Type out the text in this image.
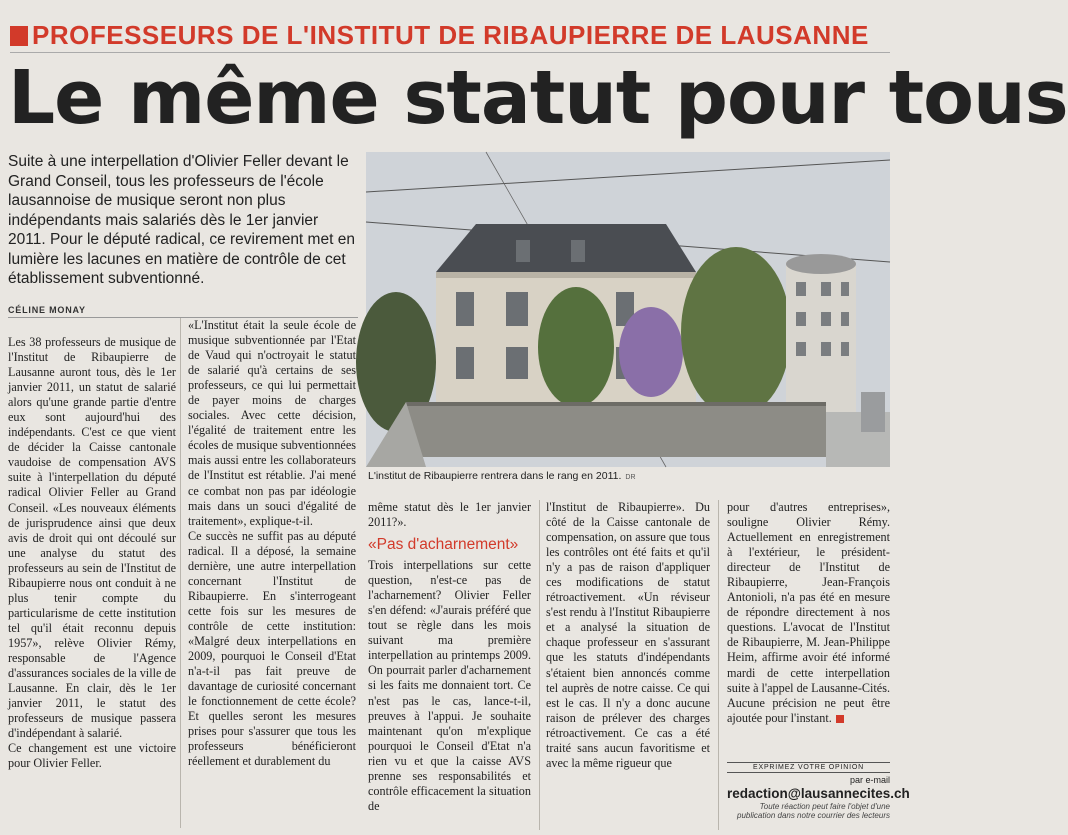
PROFESSEURS DE L'INSTITUT DE RIBAUPIERRE DE LAUSANNE
Le même statut pour tous
Suite à une interpellation d'Olivier Feller devant le Grand Conseil, tous les professeurs de l'école lausannoise de musique seront non plus indépendants mais salariés dès le 1er janvier 2011. Pour le député radical, ce revirement met en lumière les lacunes en matière de contrôle de cet établissement subventionné.
CÉLINE MONAY
L'institut de Ribaupierre rentrera dans le rang en 2011. DR

Les 38 professeurs de musique de l'Institut de Ribaupierre de Lausanne auront tous, dès le 1er janvier 2011, un statut de salarié alors qu'une grande partie d'entre eux sont aujourd'hui des indépendants. C'est ce que vient de décider la Caisse cantonale vaudoise de compensation AVS suite à l'interpellation du député radical Olivier Feller au Grand Conseil. «Les nouveaux éléments de jurisprudence ainsi que deux avis de droit qui ont découlé sur une analyse du statut des professeurs au sein de l'Institut de Ribaupierre nous ont conduit à ne plus tenir compte du particularisme de cette institution tel qu'il était reconnu depuis 1957», relève Olivier Rémy, responsable de l'Agence d'assurances sociales de la ville de Lausanne. En clair, dès le 1er janvier 2011, le statut des professeurs de musique passera d'indépendant à salarié.

Ce changement est une victoire pour Olivier Feller.

«L'Institut était la seule école de musique subventionnée par l'Etat de Vaud qui n'octroyait le statut de salarié qu'à certains de ses professeurs, ce qui lui permettait de payer moins de charges sociales. Avec cette décision, l'égalité de traitement entre les écoles de musique subventionnées mais aussi entre les collaborateurs de l'Institut est rétablie. J'ai mené ce combat non pas par idéologie mais dans un souci d'égalité de traitement», explique-t-il.

Ce succès ne suffit pas au député radical. Il a déposé, la semaine dernière, une autre interpellation concernant l'Institut de Ribaupierre. En s'interrogeant cette fois sur les mesures de contrôle de cette institution: «Malgré deux interpellations en 2009, pourquoi le Conseil d'Etat n'a-t-il pas fait preuve de davantage de curiosité concernant le fonctionnement de cette école? Et quelles seront les mesures prises pour s'assurer que tous les professeurs bénéficieront réellement et durablement du

même statut dès le 1er janvier 2011?».

«Pas d'acharnement»

Trois interpellations sur cette question, n'est-ce pas de l'acharnement? Olivier Feller s'en défend: «J'aurais préféré que tout se règle dans les mois suivant ma première interpellation au printemps 2009. On pourrait parler d'acharnement si les faits me donnaient tort. Ce n'est pas le cas, lance-t-il, preuves à l'appui. Je souhaite maintenant qu'on m'explique pourquoi le Conseil d'Etat n'a rien vu et que la caisse AVS prenne ses responsabilités et contrôle efficacement la situation de

l'Institut de Ribaupierre». Du côté de la Caisse cantonale de compensation, on assure que tous les contrôles ont été faits et qu'il n'y a pas de raison d'appliquer ces modifications de statut rétroactivement. «Un réviseur s'est rendu à l'Institut Ribaupierre et a analysé la situation de chaque professeur en s'assurant que les statuts d'indépendants s'étaient bien annoncés comme tel auprès de notre caisse. Ce qui est le cas. Il n'y a donc aucune raison de prélever des charges rétroactivement. Ce cas a été traité sans aucun favoritisme et avec la même rigueur que

pour d'autres entreprises», souligne Olivier Rémy. Actuellement en enregistrement à l'extérieur, le président-directeur de l'Institut de Ribaupierre, Jean-François Antonioli, n'a pas été en mesure de répondre directement à nos questions. L'avocat de l'Institut de Ribaupierre, M. Jean-Philippe Heim, affirme avoir été informé mardi de cette interpellation suite à l'appel de Lausanne-Cités. Aucune précision ne peut être ajoutée pour l'instant.

EXPRIMEZ VOTRE OPINION
par e-mail
redaction@lausannecites.ch
Toute réaction peut faire l'objet d'une publication dans notre courrier des lecteurs
